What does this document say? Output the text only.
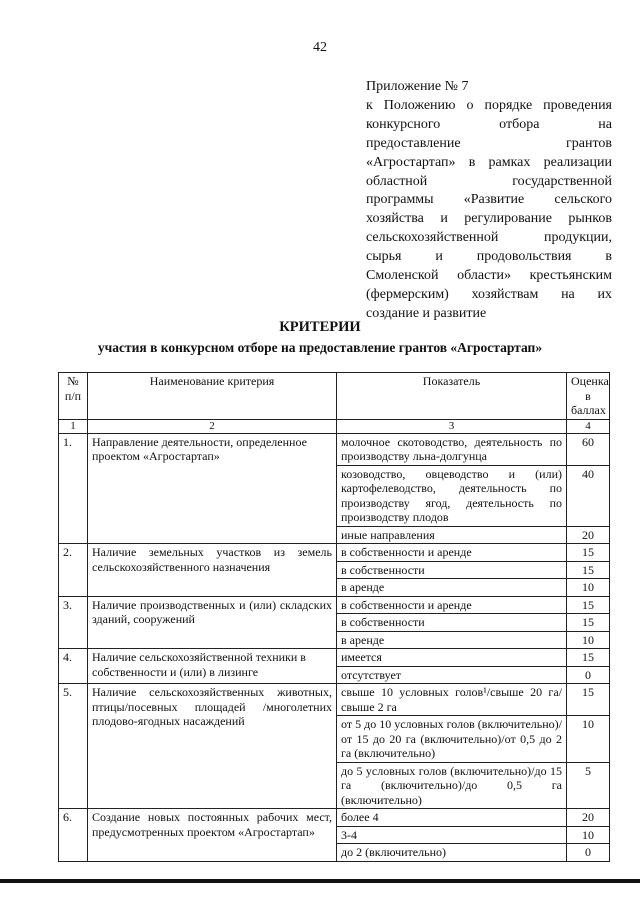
42
Приложение № 7
к Положению о порядке проведения
конкурсного отбора на
предоставление грантов
«Агростартап» в рамках реализации
областной государственной
программы «Развитие сельского
хозяйства и регулирование рынков
сельскохозяйственной продукции,
сырья и продовольствия в
Смоленской области» крестьянским
(фермерским) хозяйствам на их
создание и развитие
КРИТЕРИИ
участия в конкурсном отборе на предоставление грантов «Агростартап»
№ п/п	Наименование критерия	Показатель	Оценка в баллах
1	2	3	4
1.	Направление деятельности, определенное проектом «Агростартап»	молочное скотоводство, деятельность по производству льна-долгунца	60
		козоводство, овцеводство и (или) картофелеводство, деятельность по производству ягод, деятельность по производству плодов	40
		иные направления	20
2.	Наличие земельных участков из земель сельскохозяйственного назначения	в собственности и аренде	15
		в собственности	15
		в аренде	10
3.	Наличие производственных и (или) складских зданий, сооружений	в собственности и аренде	15
		в собственности	15
		в аренде	10
4.	Наличие сельскохозяйственной техники в собственности и (или) в лизинге	имеется	15
		отсутствует	0
5.	Наличие сельскохозяйственных животных, птицы/посевных площадей /многолетних плодово-ягодных насаждений	свыше 10 условных голов¹/свыше 20 га/свыше 2 га	15
		от 5 до 10 условных голов (включительно)/от 15 до 20 га (включительно)/от 0,5 до 2 га (включительно)	10
		до 5 условных голов (включительно)/до 15 га (включительно)/до 0,5 га (включительно)	5
6.	Создание новых постоянных рабочих мест, предусмотренных проектом «Агростартап»	более 4	20
		3-4	10
		до 2 (включительно)	0
